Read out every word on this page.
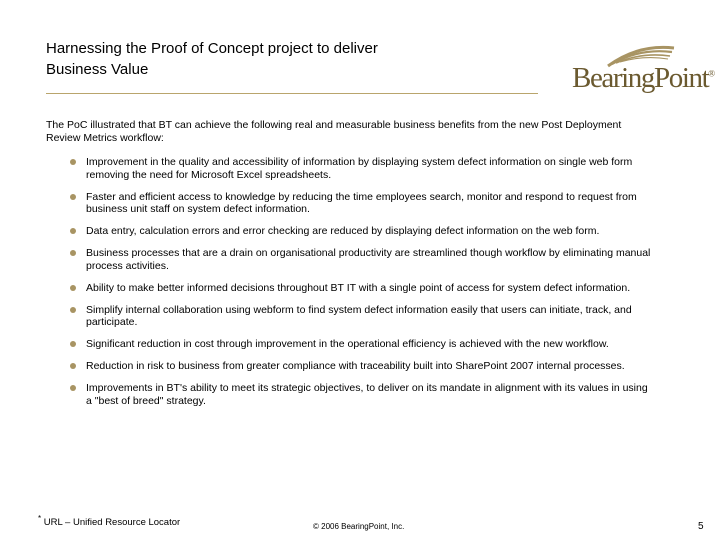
Harnessing the Proof of Concept project to deliver
Business Value	BearingPoint®
The PoC illustrated that BT can achieve the following real and measurable business benefits from the new Post Deployment Review Metrics workflow:
Improvement in the quality and accessibility of information by displaying system defect information on single web form removing the need for Microsoft Excel spreadsheets.
Faster and efficient access to knowledge by reducing the time employees search, monitor and respond to request from business unit staff on system defect information.
Data entry, calculation errors and error checking are reduced by displaying defect information on the web form.
Business processes that are a drain on organisational productivity are streamlined though workflow by eliminating manual process activities.
Ability to make better informed decisions throughout BT IT with a single point of access for system defect information.
Simplify internal collaboration using webform to find system defect information easily that users can initiate, track, and participate.
Significant reduction in cost through improvement in the operational efficiency is achieved with the new workflow.
Reduction in risk to business from greater compliance with traceability built into SharePoint 2007 internal processes.
Improvements in BT's ability to meet its strategic objectives, to deliver on its mandate in alignment with its values in using a "best of breed" strategy.
* URL – Unified Resource Locator	© 2006 BearingPoint, Inc.	5
